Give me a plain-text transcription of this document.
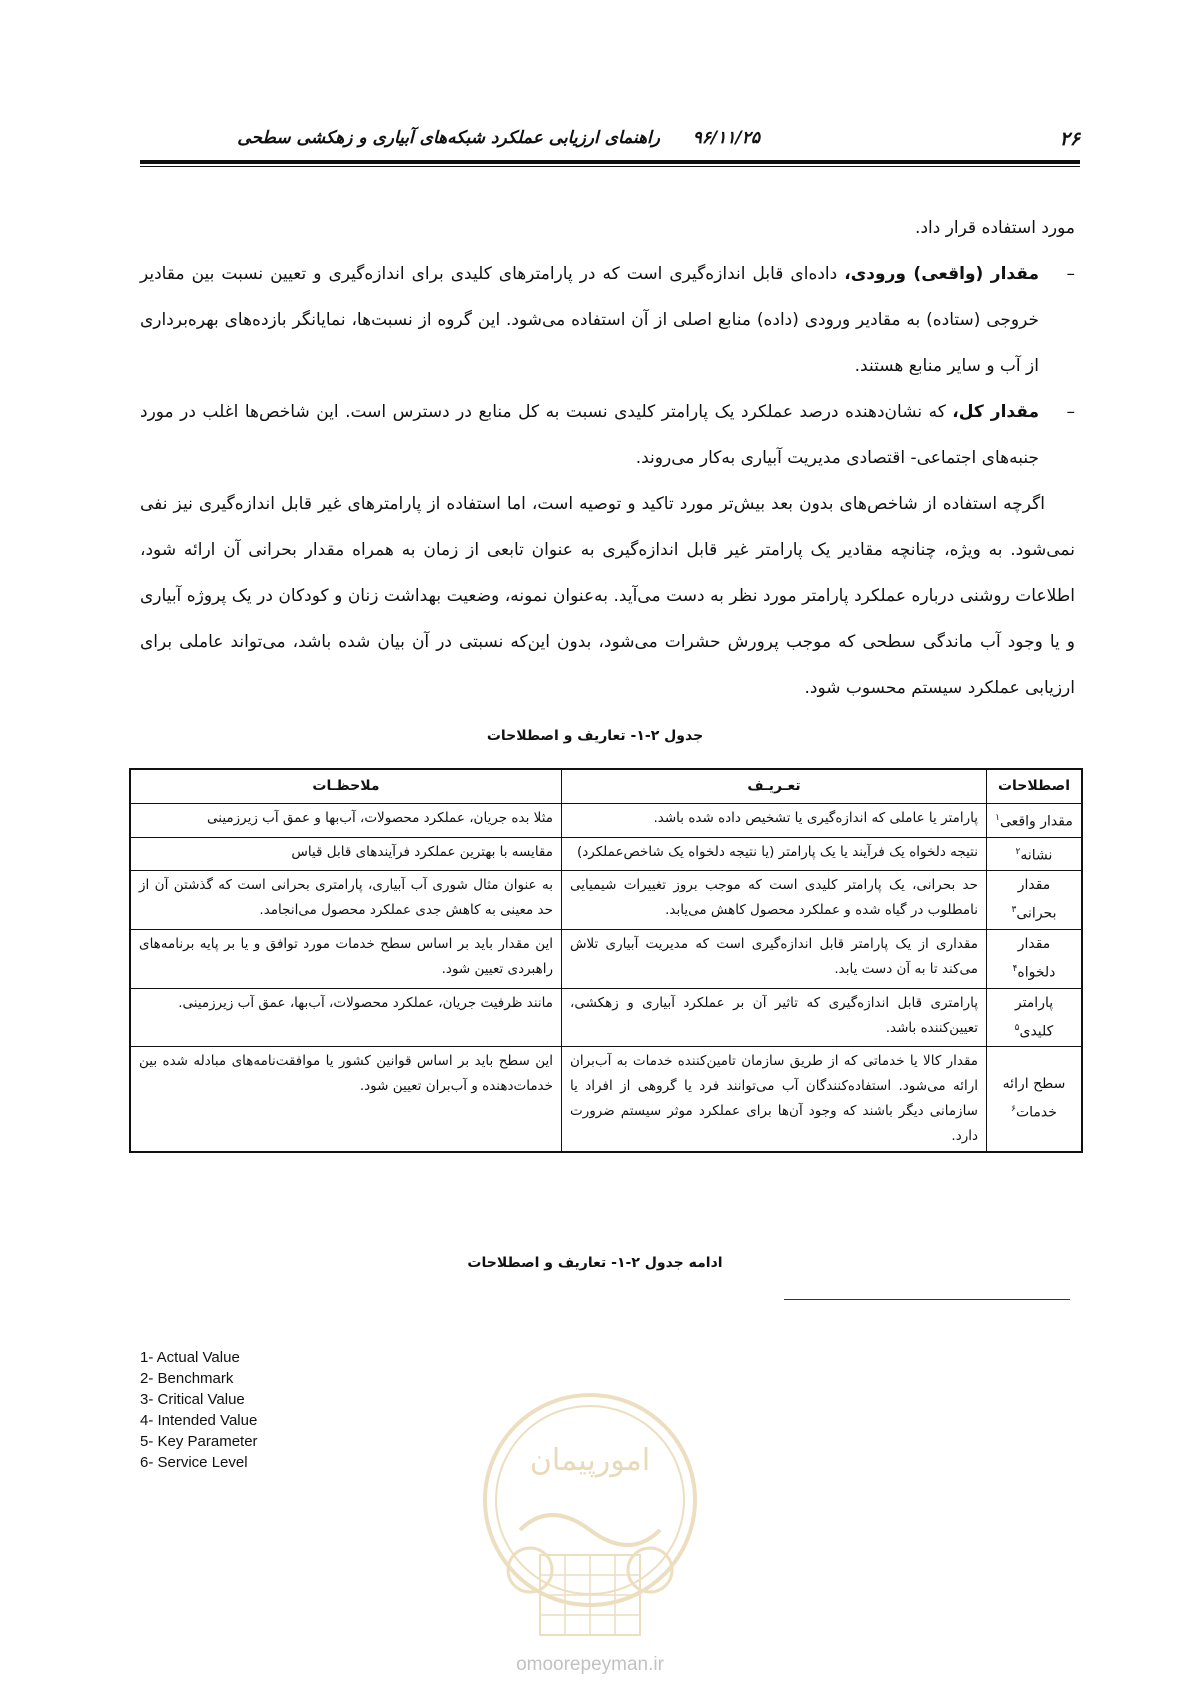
۲۶
راهنمای ارزیابی عملکرد شبکه‌های آبیاری و زهکشی سطحی ۹۶/۱۱/۲۵

مورد استفاده قرار داد.

–
مقدار (واقعی) ورودی، داده‌ای قابل اندازه‌گیری است که در پارامترهای کلیدی برای اندازه‌گیری و تعیین نسبت بین مقادیر خروجی (ستاده) به مقادیر ورودی (داده) منابع اصلی از آن استفاده می‌شود. این گروه از نسبت‌ها، نمایانگر بازده‌های بهره‌برداری از آب و سایر منابع هستند.

–
مقدار کل، که نشان‌دهنده درصد عملکرد یک پارامتر کلیدی نسبت به کل منابع در دسترس است. این شاخص‌ها اغلب در مورد جنبه‌های اجتماعی- اقتصادی مدیریت آبیاری به‌کار می‌روند.

اگرچه استفاده از شاخص‌های بدون بعد بیش‌تر مورد تاکید و توصیه است، اما استفاده از پارامترهای غیر قابل اندازه‌گیری نیز نفی نمی‌شود. به ویژه، چنانچه مقادیر یک پارامتر غیر قابل اندازه‌گیری به عنوان تابعی از زمان به همراه مقدار بحرانی آن ارائه شود، اطلاعات روشنی درباره عملکرد پارامتر مورد نظر به دست می‌آید. به‌عنوان نمونه، وضعیت بهداشت زنان و کودکان در یک پروژه آبیاری و یا وجود آب ماندگی سطحی که موجب پرورش حشرات می‌شود، بدون این‌که نسبتی در آن بیان شده باشد، می‌تواند عاملی برای ارزیابی عملکرد سیستم محسوب شود.

جدول ۲-۱- تعاریف و اصطلاحات
اصطلاحات	تعـریـف	ملاحظـات
مقدار واقعی$^۱$	پارامتر یا عاملی که اندازه‌گیری یا تشخیص داده شده باشد.	مثلا بده جریان، عملکرد محصولات، آب‌بها و عمق آب زیرزمینی
نشانه$^۲$	نتیجه دلخواه یک فرآیند یا یک پارامتر (یا نتیجه دلخواه یک شاخص‌عملکرد)	مقایسه با بهترین عملکرد فرآیندهای قابل قیاس
مقدار بحرانی$^۳$	حد بحرانی، یک پارامتر کلیدی است که موجب بروز تغییرات شیمیایی نامطلوب در گیاه شده و عملکرد محصول کاهش می‌یابد.	به عنوان مثال شوری آب آبیاری، پارامتری بحرانی است که گذشتن آن از حد معینی به کاهش جدی عملکرد محصول می‌انجامد.
مقدار دلخواه$^۴$	مقداری از یک پارامتر قابل اندازه‌گیری است که مدیریت آبیاری تلاش می‌کند تا به آن دست یابد.	این مقدار باید بر اساس سطح خدمات مورد توافق و یا بر پایه برنامه‌های راهبردی تعیین شود.
پارامتر کلیدی$^۵$	پارامتری قابل اندازه‌گیری که تاثیر آن بر عملکرد آبیاری و زهکشی، تعیین‌کننده باشد.	مانند ظرفیت جریان، عملکرد محصولات، آب‌بها، عمق آب زیرزمینی.
سطح ارائه خدمات$^۶$	مقدار کالا یا خدماتی که از طریق سازمان تامین‌کننده خدمات به آب‌بران ارائه می‌شود. استفاده‌کنندگان آب می‌توانند فرد یا گروهی از افراد یا سازمانی دیگر باشند که وجود آن‌ها برای عملکرد موثر سیستم ضرورت دارد.	این سطح باید بر اساس قوانین کشور یا موافقت‌نامه‌های مبادله شده بین خدمات‌دهنده و آب‌بران تعیین شود.
ادامه جدول ۲-۱- تعاریف و اصطلاحات
1- Actual Value
2- Benchmark
3- Critical Value
4- Intended Value
5- Key Parameter
6- Service Level	امورپیمان
omoorepeyman.ir
